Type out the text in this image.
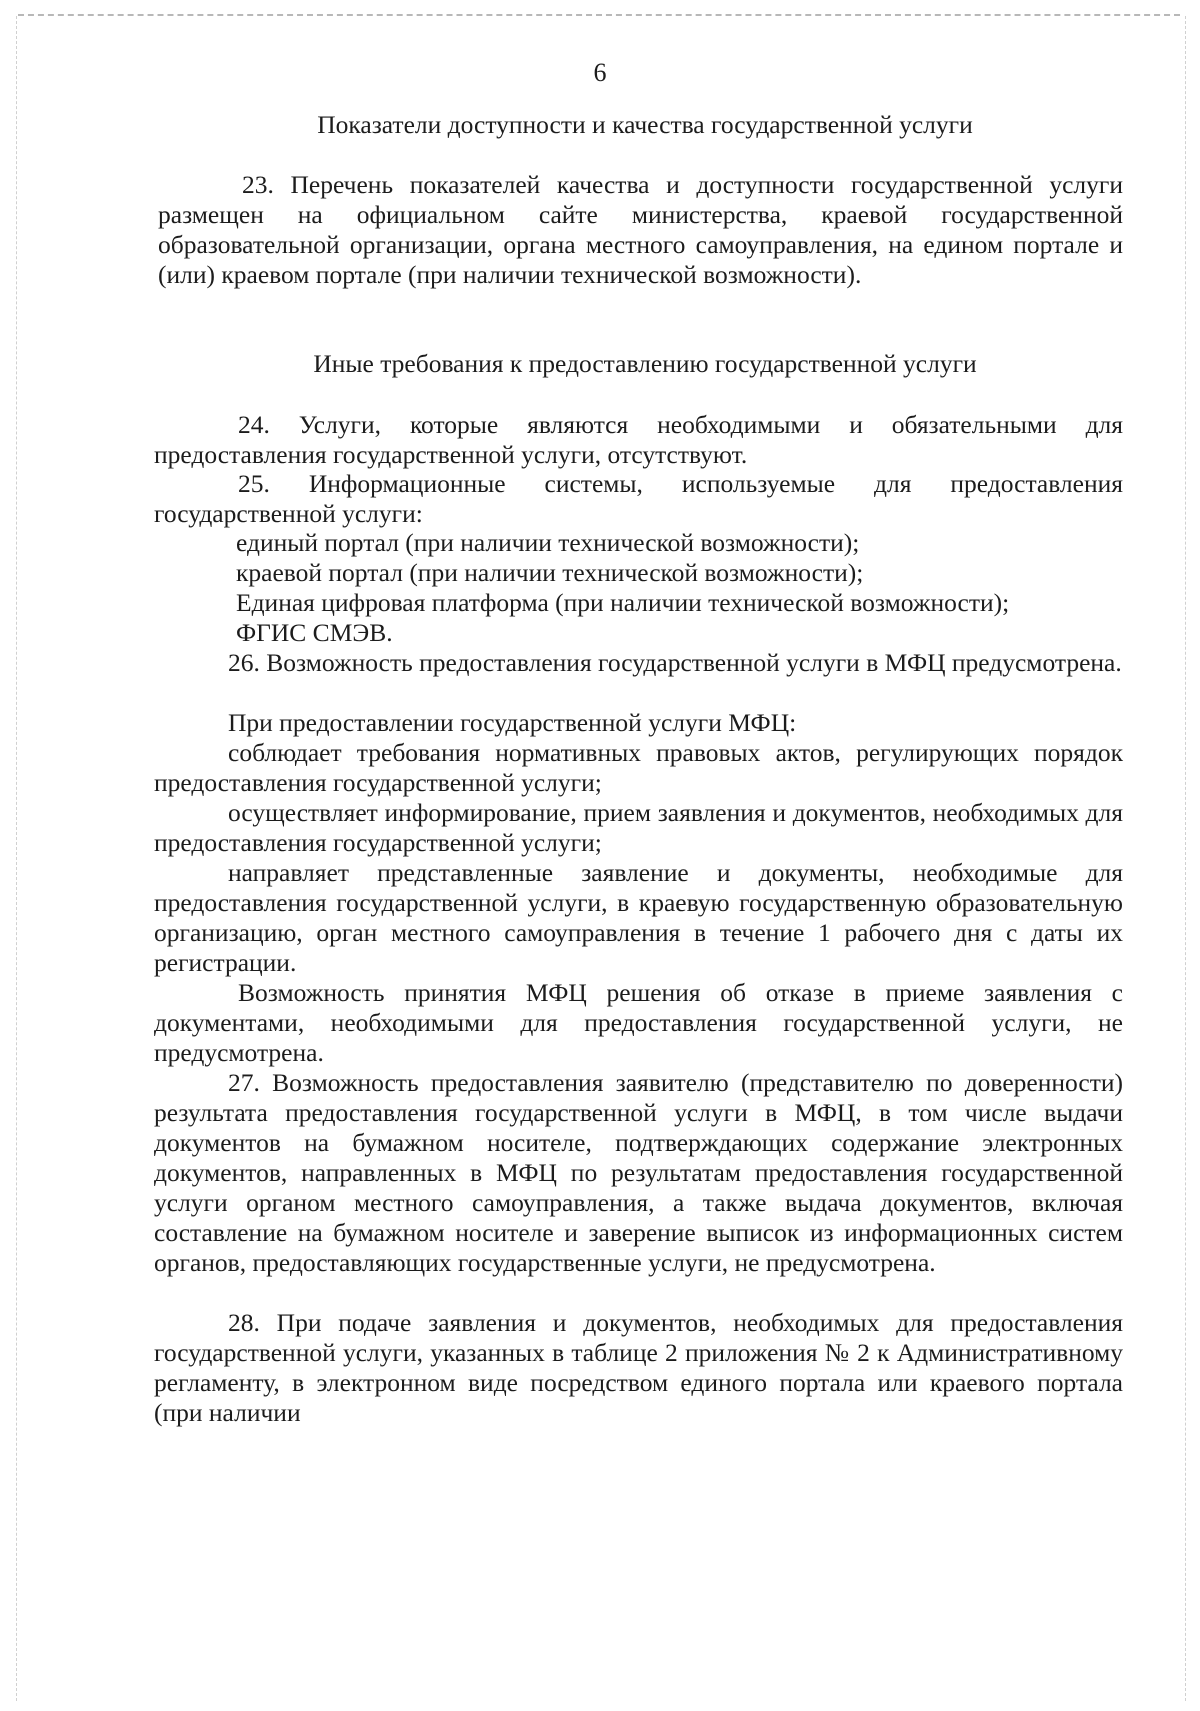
6
Показатели доступности и качества государственной услуги

23. Перечень показателей качества и доступности государственной услуги размещен на официальном сайте министерства, краевой государственной образовательной организации, органа местного самоуправления, на едином портале и (или) краевом портале (при наличии технической возможности).

Иные требования к предоставлению государственной услуги

24. Услуги, которые являются необходимыми и обязательными для предоставления государственной услуги, отсутствуют.

25. Информационные системы, используемые для предоставления государственной услуги:

единый портал (при наличии технической возможности);

краевой портал (при наличии технической возможности);

Единая цифровая платформа (при наличии технической возможности);

ФГИС СМЭВ.

26. Возможность предоставления государственной услуги в МФЦ предусмотрена.

При предоставлении государственной услуги МФЦ:

соблюдает требования нормативных правовых актов, регулирующих порядок предоставления государственной услуги;

осуществляет информирование, прием заявления и документов, необходимых для предоставления государственной услуги;

направляет представленные заявление и документы, необходимые для предоставления государственной услуги, в краевую государственную образовательную организацию, орган местного самоуправления в течение 1 рабочего дня с даты их регистрации.

Возможность принятия МФЦ решения об отказе в приеме заявления с документами, необходимыми для предоставления государственной услуги, не предусмотрена.

27. Возможность предоставления заявителю (представителю по доверенности) результата предоставления государственной услуги в МФЦ, в том числе выдачи документов на бумажном носителе, подтверждающих содержание электронных документов, направленных в МФЦ по результатам предоставления государственной услуги органом местного самоуправления, а также выдача документов, включая составление на бумажном носителе и заверение выписок из информационных систем органов, предоставляющих государственные услуги, не предусмотрена.

28. При подаче заявления и документов, необходимых для предоставления государственной услуги, указанных в таблице 2 приложения № 2 к Административному регламенту, в электронном виде посредством единого портала или краевого портала (при наличии
